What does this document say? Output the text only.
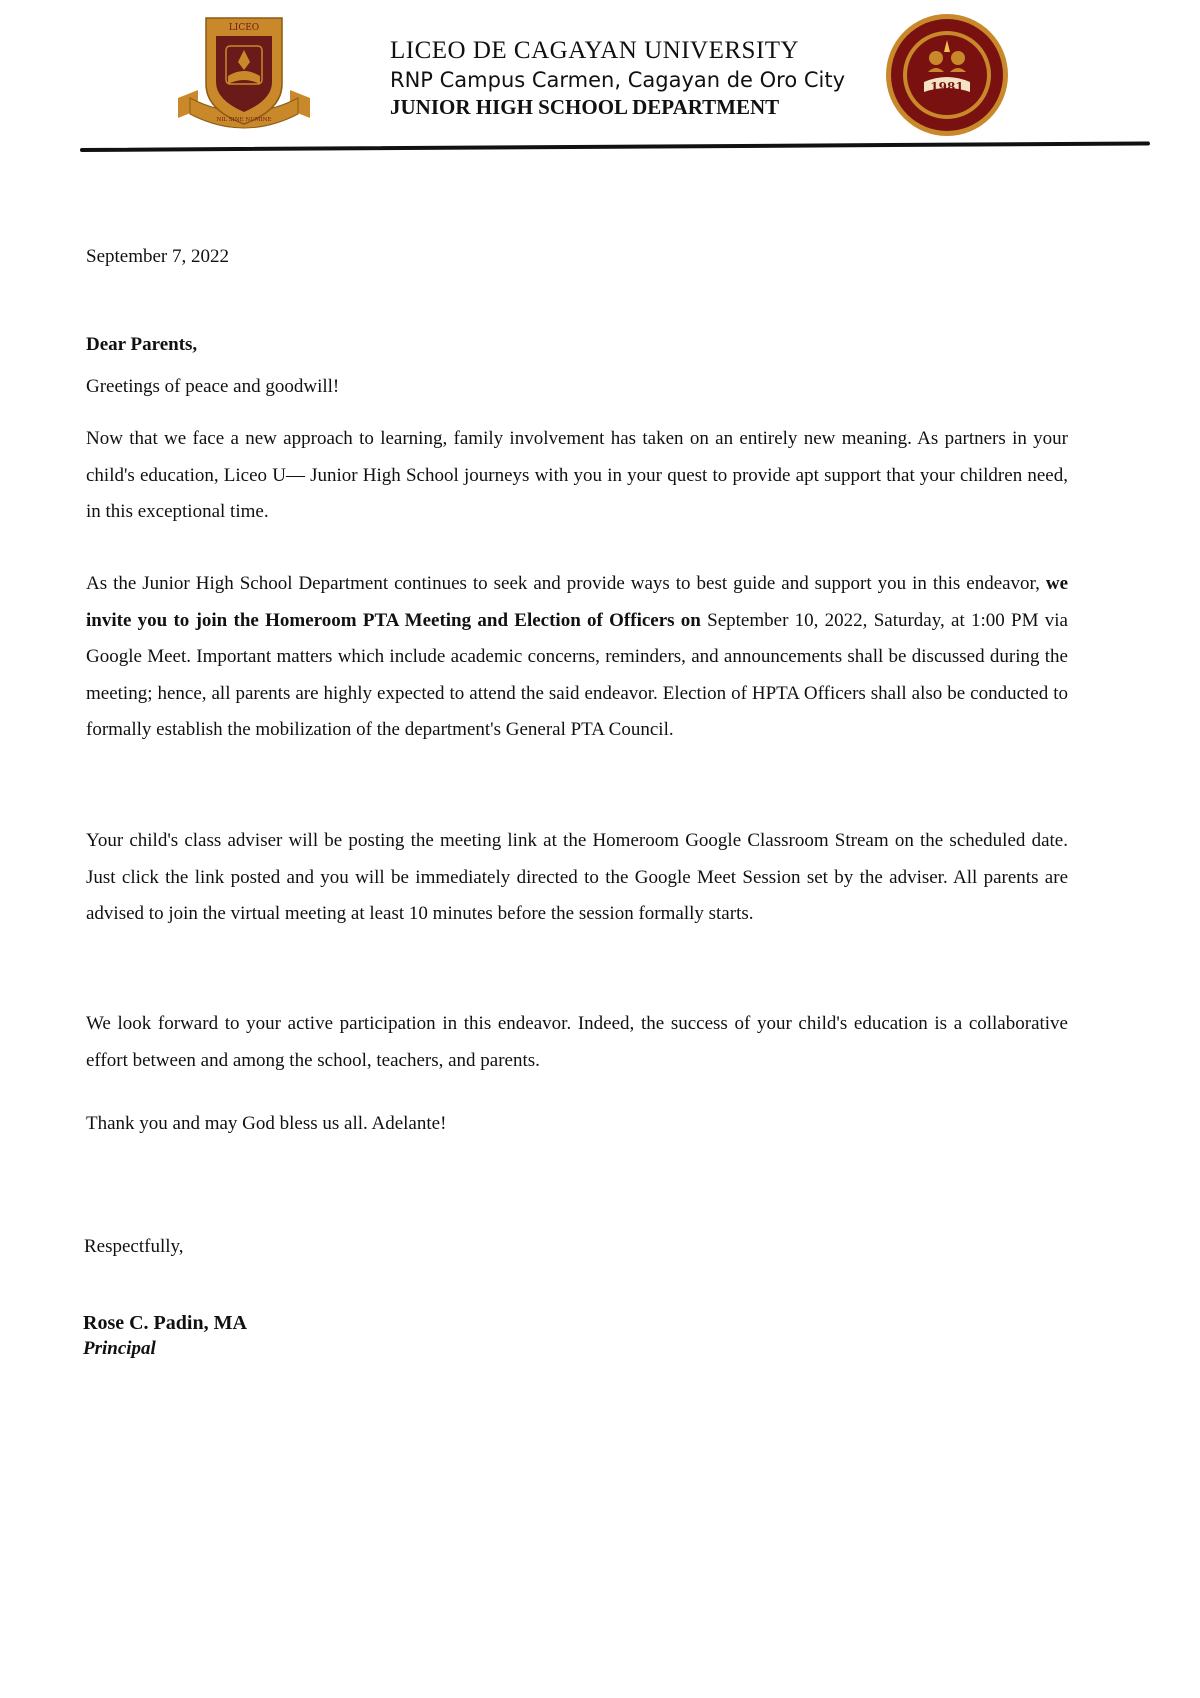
LICEO
NIL SINE NUMINE
LICEO DE CAGAYAN UNIVERSITY
RNP Campus Carmen, Cagayan de Oro City
JUNIOR HIGH SCHOOL DEPARTMENT
1981
September 7, 2022
Dear Parents,
Greetings of peace and goodwill!
Now that we face a new approach to learning, family involvement has taken on an entirely new meaning. As partners in your child's education, Liceo U— Junior High School journeys with you in your quest to provide apt support that your children need, in this exceptional time.
As the Junior High School Department continues to seek and provide ways to best guide and support you in this endeavor, we invite you to join the Homeroom PTA Meeting and Election of Officers on September 10, 2022, Saturday, at 1:00 PM via Google Meet. Important matters which include academic concerns, reminders, and announcements shall be discussed during the meeting; hence, all parents are highly expected to attend the said endeavor. Election of HPTA Officers shall also be conducted to formally establish the mobilization of the department's General PTA Council.
Your child's class adviser will be posting the meeting link at the Homeroom Google Classroom Stream on the scheduled date. Just click the link posted and you will be immediately directed to the Google Meet Session set by the adviser. All parents are advised to join the virtual meeting at least 10 minutes before the session formally starts.
We look forward to your active participation in this endeavor. Indeed, the success of your child's education is a collaborative effort between and among the school, teachers, and parents.
Thank you and may God bless us all. Adelante!
Respectfully,
Rose C. Padin, MA
Principal
